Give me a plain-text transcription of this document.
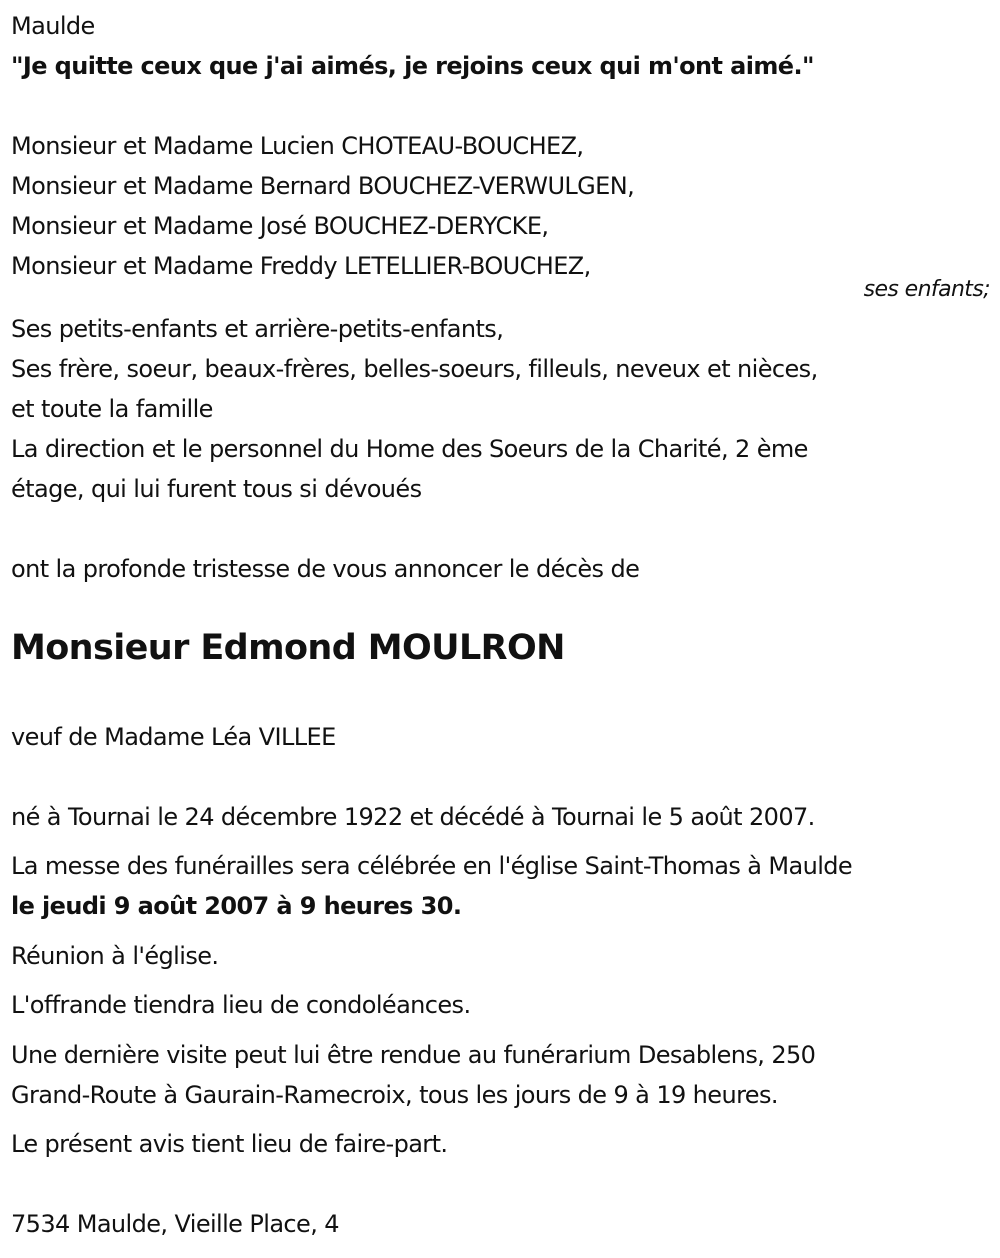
Maulde
"Je quitte ceux que j'ai aimés, je rejoins ceux qui m'ont aimé."
Monsieur et Madame Lucien CHOTEAU-BOUCHEZ,
Monsieur et Madame Bernard BOUCHEZ-VERWULGEN,
Monsieur et Madame José BOUCHEZ-DERYCKE,
Monsieur et Madame Freddy LETELLIER-BOUCHEZ,
ses enfants;
Ses petits-enfants et arrière-petits-enfants,
Ses frère, soeur, beaux-frères, belles-soeurs, filleuls, neveux et nièces,
et toute la famille
La direction et le personnel du Home des Soeurs de la Charité, 2 ème
étage, qui lui furent tous si dévoués
ont la profonde tristesse de vous annoncer le décès de
Monsieur Edmond MOULRON
veuf de Madame Léa VILLEE
né à Tournai le 24 décembre 1922 et décédé à Tournai le 5 août 2007.
La messe des funérailles sera célébrée en l'église Saint-Thomas à Maulde
le jeudi 9 août 2007 à 9 heures 30.
Réunion à l'église.
L'offrande tiendra lieu de condoléances.
Une dernière visite peut lui être rendue au funérarium Desablens, 250
Grand-Route à Gaurain-Ramecroix, tous les jours de 9 à 19 heures.
Le présent avis tient lieu de faire-part.
7534 Maulde, Vieille Place, 4
